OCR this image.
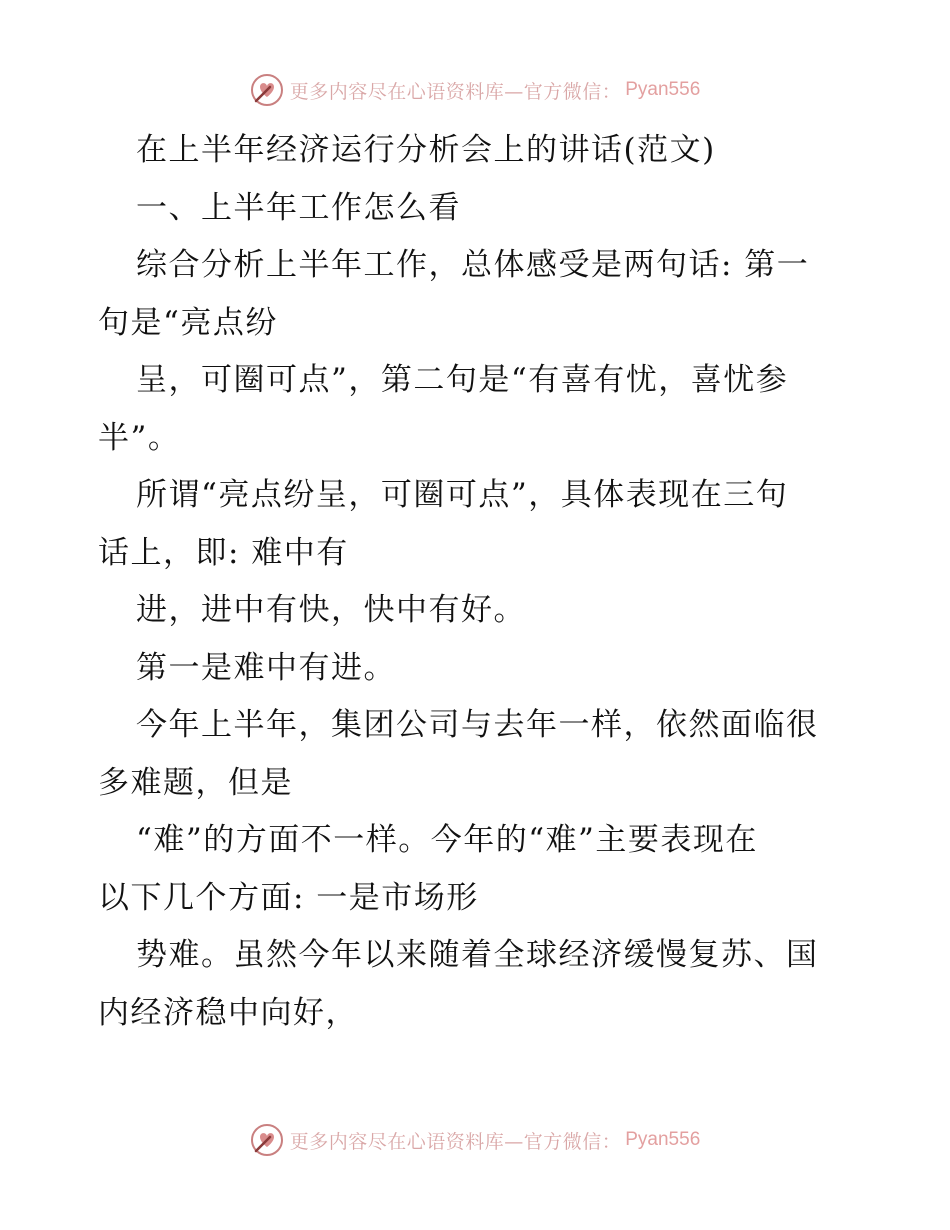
更多内容尽在心语资料库—官方微信： Pyan556

在上半年经济运行分析会上的讲话(范文)

一、上半年工作怎么看

综合分析上半年工作，总体感受是两句话: 第一

句是“亮点纷

呈，可圈可点”，第二句是“有喜有忧，喜忧参

半”。

所谓“亮点纷呈，可圈可点”，具体表现在三句

话上，即: 难中有

进，进中有快，快中有好。

第一是难中有进。

今年上半年，集团公司与去年一样，依然面临很

多难题，但是

“难”的方面不一样。今年的“难”主要表现在

以下几个方面: 一是市场形

势难。虽然今年以来随着全球经济缓慢复苏、国

内经济稳中向好，

更多内容尽在心语资料库—官方微信： Pyan556
